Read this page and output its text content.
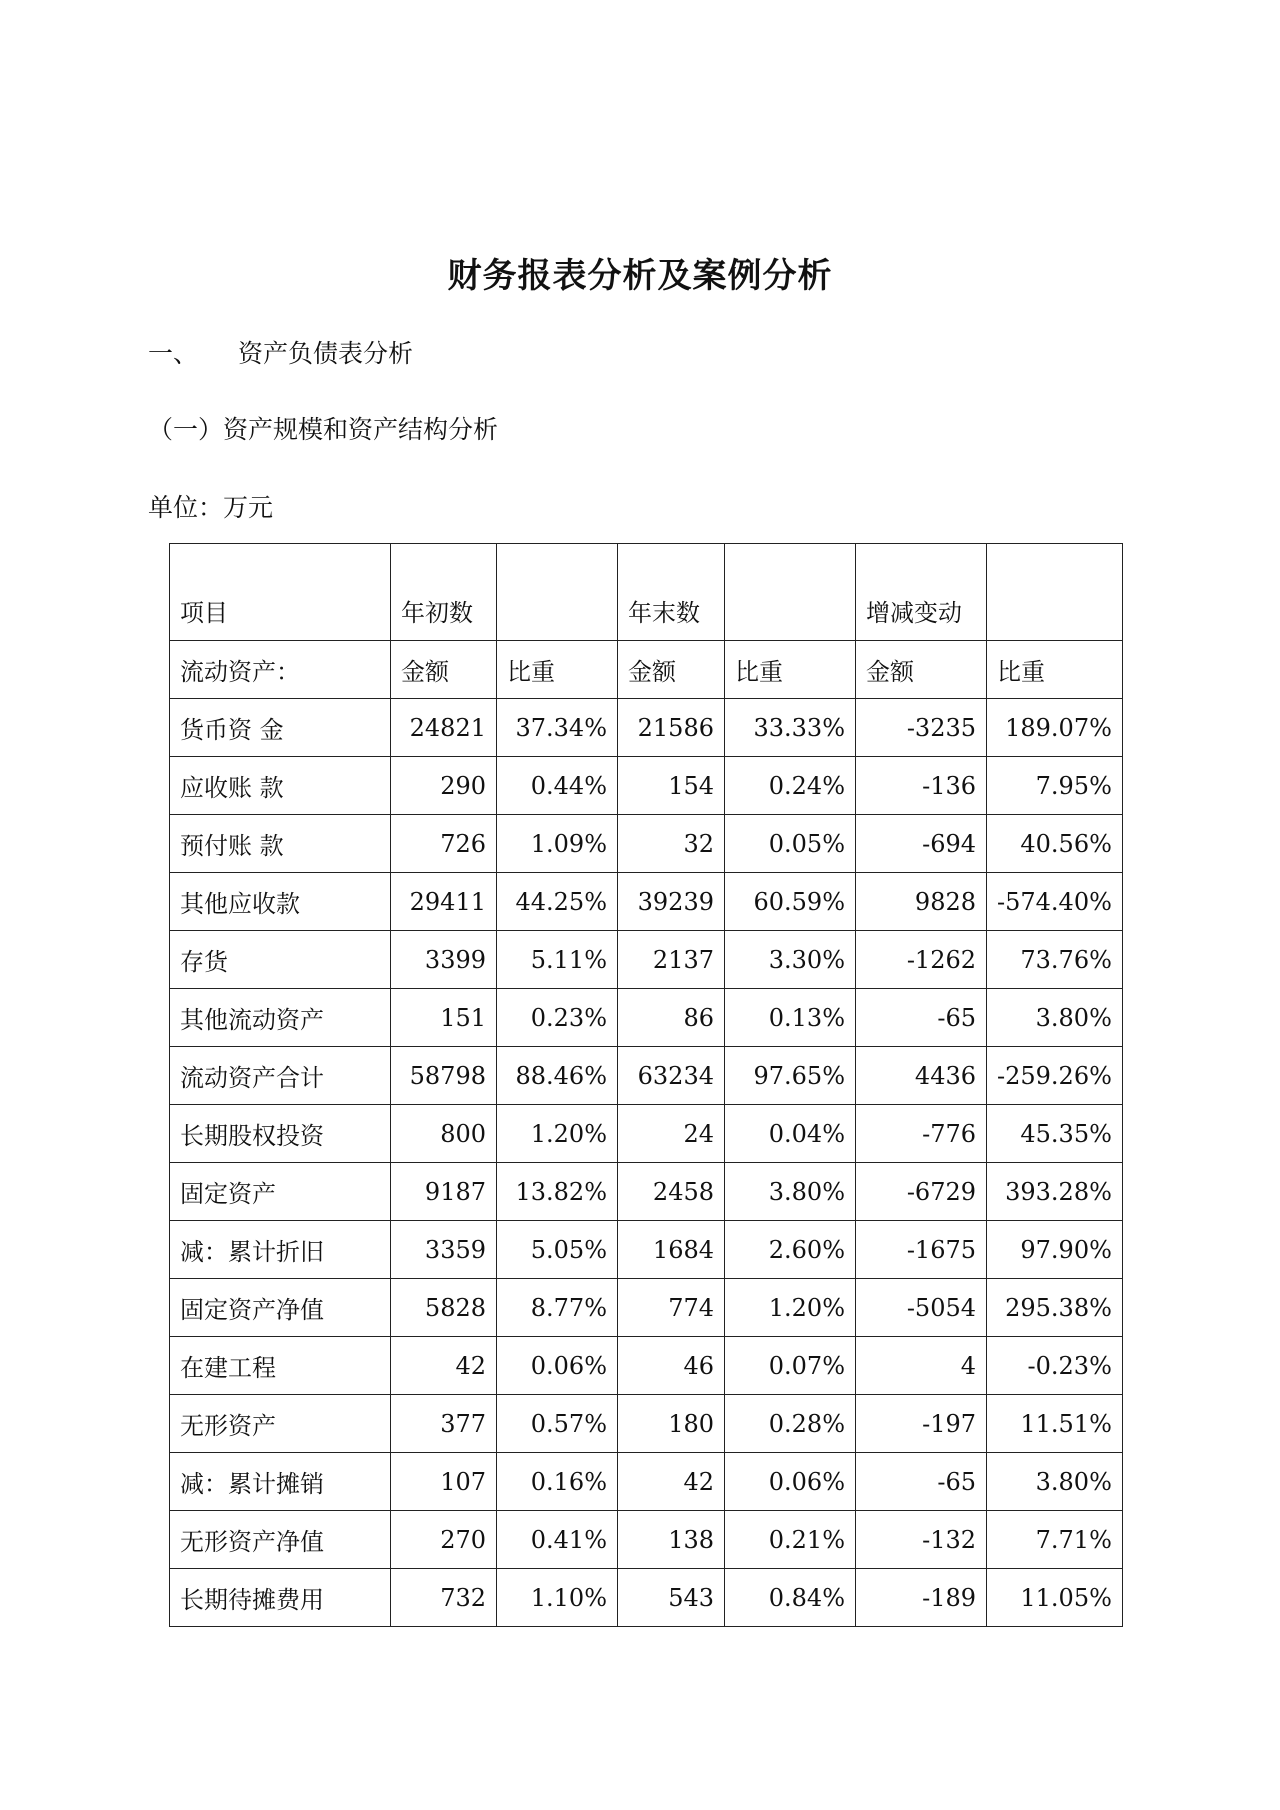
财务报表分析及案例分析
一、 资产负债表分析
（一）资产规模和资产结构分析
单位：万元
项目	年初数		年末数		增减变动	
流动资产：	金额	比重	金额	比重	金额	比重
货币资 金	24821	37.34%	21586	33.33%	-3235	189.07%
应收账 款	290	0.44%	154	0.24%	-136	7.95%
预付账 款	726	1.09%	32	0.05%	-694	40.56%
其他应收款	29411	44.25%	39239	60.59%	9828	-574.40%
存货	3399	5.11%	2137	3.30%	-1262	73.76%
其他流动资产	151	0.23%	86	0.13%	-65	3.80%
流动资产合计	58798	88.46%	63234	97.65%	4436	-259.26%
长期股权投资	800	1.20%	24	0.04%	-776	45.35%
固定资产	9187	13.82%	2458	3.80%	-6729	393.28%
减：累计折旧	3359	5.05%	1684	2.60%	-1675	97.90%
固定资产净值	5828	8.77%	774	1.20%	-5054	295.38%
在建工程	42	0.06%	46	0.07%	4	-0.23%
无形资产	377	0.57%	180	0.28%	-197	11.51%
减：累计摊销	107	0.16%	42	0.06%	-65	3.80%
无形资产净值	270	0.41%	138	0.21%	-132	7.71%
长期待摊费用	732	1.10%	543	0.84%	-189	11.05%
